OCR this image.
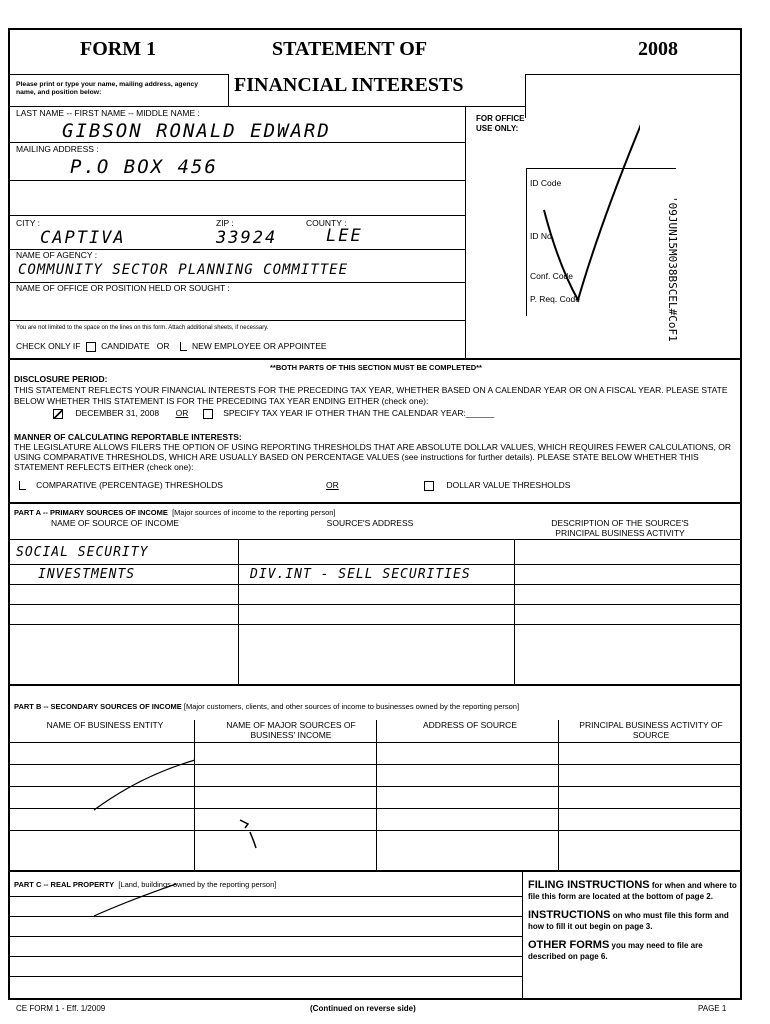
FORM 1	STATEMENT OF
FINANCIAL INTERESTS
2008
Please print or type your name, mailing address, agency name, and position below:
LAST NAME -- FIRST NAME -- MIDDLE NAME :
GIBSON RONALD EDWARD
MAILING ADDRESS :
P.O BOX 456
CITY :
CAPTIVA
ZIP :
33924
COUNTY :
LEE
NAME OF AGENCY :
COMMUNITY SECTOR PLANNING COMMITTEE
NAME OF OFFICE OR POSITION HELD OR SOUGHT :
You are not limited to the space on the lines on this form. Attach additional sheets, if necessary.
CHECK ONLY IF CANDIDATE OR	NEW EMPLOYEE OR APPOINTEE
FOR OFFICE USE ONLY:
ID Code
ID No.
Conf. Code
P. Req. Code	'09JUN15M038BSCEL#CoF1
**BOTH PARTS OF THIS SECTION MUST BE COMPLETED**
DISCLOSURE PERIOD:
THIS STATEMENT REFLECTS YOUR FINANCIAL INTERESTS FOR THE PRECEDING TAX YEAR, WHETHER BASED ON A CALENDAR YEAR OR ON A FISCAL YEAR. PLEASE STATE BELOW WHETHER THIS STATEMENT IS FOR THE PRECEDING TAX YEAR ENDING EITHER (check one):
DECEMBER 31, 2008 OR	SPECIFY TAX YEAR IF OTHER THAN THE CALENDAR YEAR:______
MANNER OF CALCULATING REPORTABLE INTERESTS:
THE LEGISLATURE ALLOWS FILERS THE OPTION OF USING REPORTING THRESHOLDS THAT ARE ABSOLUTE DOLLAR VALUES, WHICH REQUIRES FEWER CALCULATIONS, OR USING COMPARATIVE THRESHOLDS, WHICH ARE USUALLY BASED ON PERCENTAGE VALUES (see instructions for further details). PLEASE STATE BELOW WHETHER THIS STATEMENT REFLECTS EITHER (check one):
COMPARATIVE (PERCENTAGE) THRESHOLDS	OR	DOLLAR VALUE THRESHOLDS
PART A -- PRIMARY SOURCES OF INCOME [Major sources of income to the reporting person]
NAME OF SOURCE OF INCOME	SOURCE'S ADDRESS	DESCRIPTION OF THE SOURCE'S PRINCIPAL BUSINESS ACTIVITY
SOCIAL SECURITY
INVESTMENTS	DIV.INT - SELL SECURITIES
PART B -- SECONDARY SOURCES OF INCOME [Major customers, clients, and other sources of income to businesses owned by the reporting person]
NAME OF BUSINESS ENTITY	NAME OF MAJOR SOURCES OF BUSINESS' INCOME
ADDRESS OF SOURCE	PRINCIPAL BUSINESS ACTIVITY OF SOURCE
PART C -- REAL PROPERTY [Land, buildings owned by the reporting person]	FILING INSTRUCTIONS for when and where to file this form are located at the bottom of page 2.

INSTRUCTIONS on who must file this form and how to fill it out begin on page 3.

OTHER FORMS you may need to file are described on page 6.

CE FORM 1 - Eff. 1/2009	(Continued on reverse side)	PAGE 1
